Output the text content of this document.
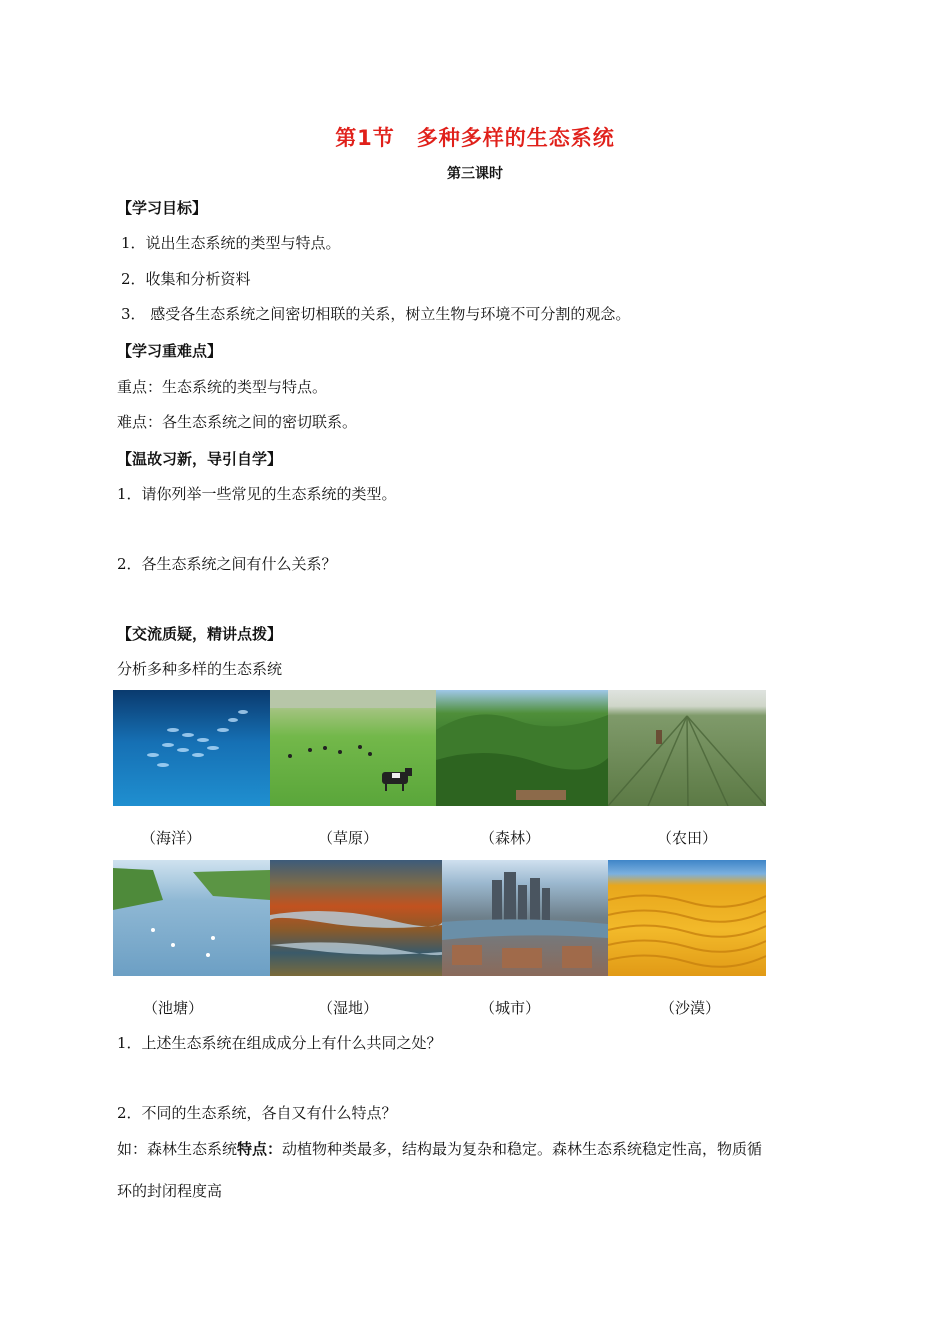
第1节　多种多样的生态系统
第三课时
【学习目标】
1．说出生态系统的类型与特点。
2．收集和分析资料
3． 感受各生态系统之间密切相联的关系，树立生物与环境不可分割的观念。
【学习重难点】
重点：生态系统的类型与特点。
难点：各生态系统之间的密切联系。
【温故习新，导引自学】
1．请你列举一些常见的生态系统的类型。
2．各生态系统之间有什么关系？
【交流质疑，精讲点拨】
分析多种多样的生态系统
（海洋）	（草原）	（森林）	（农田）
（池塘）	（湿地）	（城市）	（沙漠）
1．上述生态系统在组成成分上有什么共同之处？
2．不同的生态系统，各自又有什么特点？
如：森林生态系统特点：动植物种类最多，结构最为复杂和稳定。森林生态系统稳定性高，物质循
环的封闭程度高
